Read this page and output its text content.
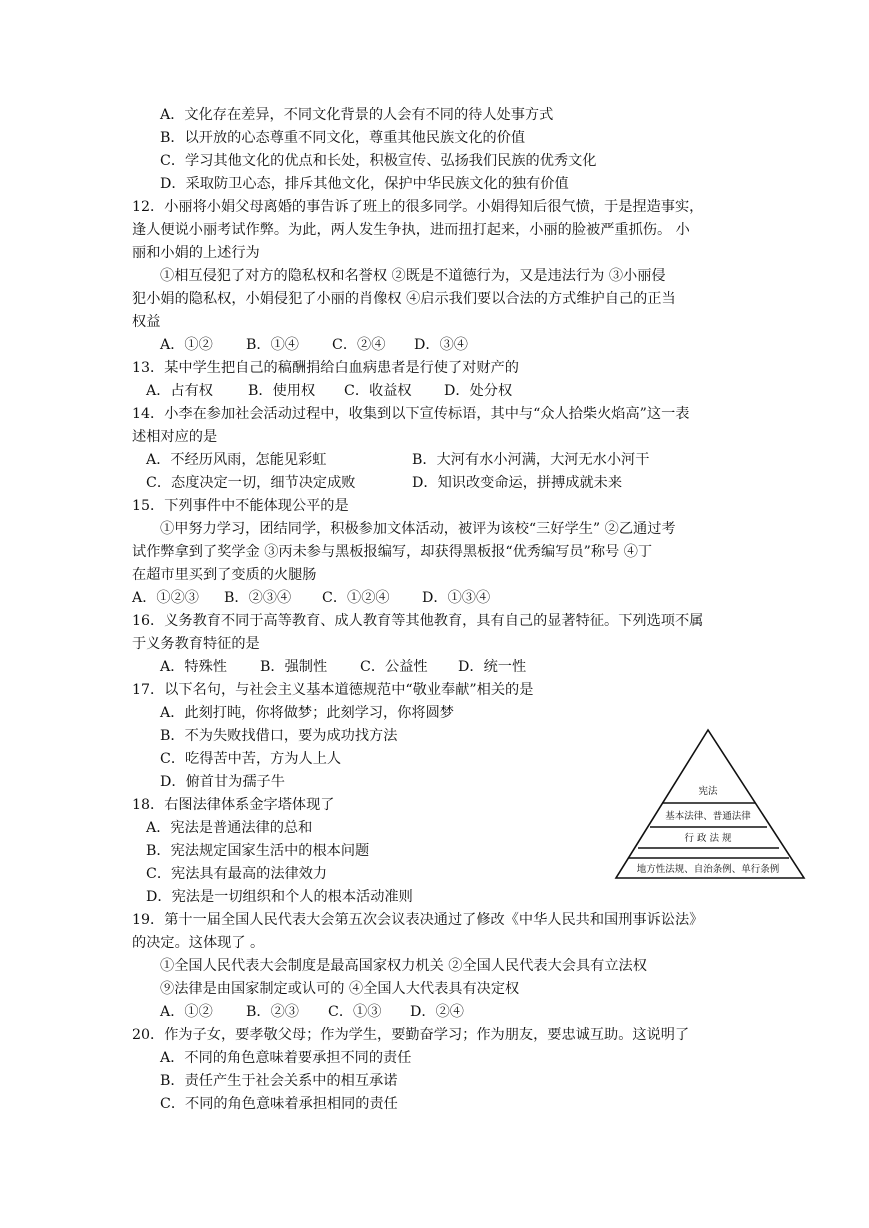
A．文化存在差异，不同文化背景的人会有不同的待人处事方式
B．以开放的心态尊重不同文化，尊重其他民族文化的价值
C．学习其他文化的优点和长处，积极宣传、弘扬我们民族的优秀文化
D．采取防卫心态，排斥其他文化，保护中华民族文化的独有价值
12．小丽将小娟父母离婚的事告诉了班上的很多同学。小娟得知后很气愤，于是捏造事实，
逢人便说小丽考试作弊。为此，两人发生争执，进而扭打起来，小丽的脸被严重抓伤。 小
丽和小娟的上述行为
①相互侵犯了对方的隐私权和名誉权 ②既是不道德行为，又是违法行为 ③小丽侵
犯小娟的隐私权，小娟侵犯了小丽的肖像权 ④启示我们要以合法的方式维护自己的正当
权益
A．①② B．①④ C．②④ D．③④
13．某中学生把自己的稿酬捐给白血病患者是行使了对财产的
A．占有权 B．使用权 C．收益权 D．处分权
14．小李在参加社会活动过程中，收集到以下宣传标语，其中与“众人拾柴火焰高”这一表
述相对应的是
A．不经历风雨，怎能见彩虹	B．大河有水小河满，大河无水小河干
C．态度决定一切，细节决定成败	D．知识改变命运，拼搏成就未来
15．下列事件中不能体现公平的是
①甲努力学习，团结同学，积极参加文体活动，被评为该校“三好学生” ②乙通过考
试作弊拿到了奖学金 ③丙未参与黑板报编写，却获得黑板报“优秀编写员”称号 ④丁
在超市里买到了变质的火腿肠
A．①②③ B．②③④ C．①②④ D．①③④
16．义务教育不同于高等教育、成人教育等其他教育，具有自己的显著特征。下列选项不属
于义务教育特征的是
A．特殊性 B．强制性 C．公益性 D．统一性
17．以下名句，与社会主义基本道德规范中“敬业奉献”相关的是
A．此刻打盹，你将做梦；此刻学习，你将圆梦
B．不为失败找借口，要为成功找方法
C．吃得苦中苦，方为人上人
D．俯首甘为孺子牛
18．右图法律体系金字塔体现了
A．宪法是普通法律的总和
B．宪法规定国家生活中的根本问题
C．宪法具有最高的法律效力
D．宪法是一切组织和个人的根本活动准则
宪法
基本法律、普通法律
行 政 法 规
地方性法规、自治条例、单行条例
19．第十一届全国人民代表大会第五次会议表决通过了修改《中华人民共和国刑事诉讼法》
的决定。这体现了 。
①全国人民代表大会制度是最高国家权力机关 ②全国人民代表大会具有立法权
⑨法律是由国家制定或认可的 ④全国人大代表具有决定权
A．①② B．②③ C．①③ D．②④
20．作为子女，要孝敬父母；作为学生，要勤奋学习；作为朋友，要忠诚互助。这说明了
A．不同的角色意味着要承担不同的责任
B．责任产生于社会关系中的相互承诺
C．不同的角色意味着承担相同的责任
